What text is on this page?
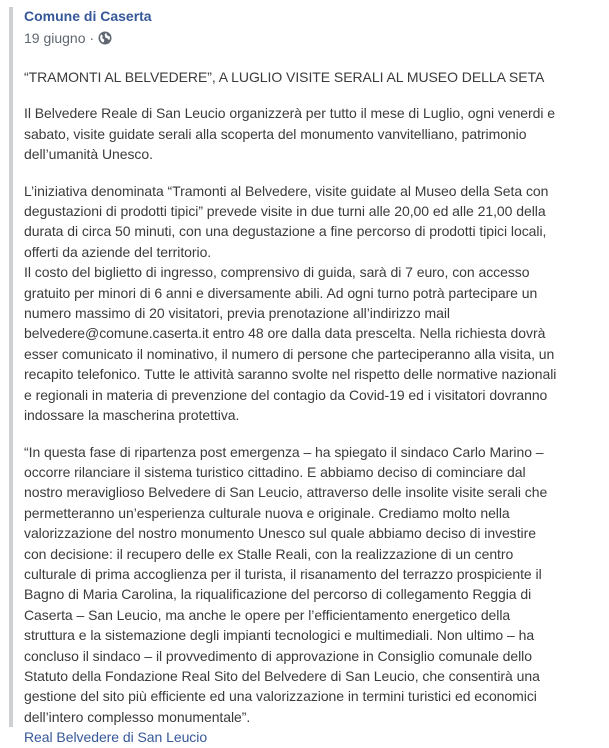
Comune di Caserta
19 giugno ·

“TRAMONTI AL BELVEDERE”, A LUGLIO VISITE SERALI AL MUSEO DELLA SETA

Il Belvedere Reale di San Leucio organizzerà per tutto il mese di Luglio, ogni venerdi e
sabato, visite guidate serali alla scoperta del monumento vanvitelliano, patrimonio
dell’umanità Unesco.

L’iniziativa denominata “Tramonti al Belvedere, visite guidate al Museo della Seta con
degustazioni di prodotti tipici” prevede visite in due turni alle 20,00 ed alle 21,00 della
durata di circa 50 minuti, con una degustazione a fine percorso di prodotti tipici locali,
offerti da aziende del territorio.
Il costo del biglietto di ingresso, comprensivo di guida, sarà di 7 euro, con accesso
gratuito per minori di 6 anni e diversamente abili. Ad ogni turno potrà partecipare un
numero massimo di 20 visitatori, previa prenotazione all’indirizzo mail
belvedere@comune.caserta.it entro 48 ore dalla data prescelta. Nella richiesta dovrà
esser comunicato il nominativo, il numero di persone che parteciperanno alla visita, un
recapito telefonico. Tutte le attività saranno svolte nel rispetto delle normative nazionali
e regionali in materia di prevenzione del contagio da Covid-19 ed i visitatori dovranno
indossare la mascherina protettiva.

“In questa fase di ripartenza post emergenza – ha spiegato il sindaco Carlo Marino –
occorre rilanciare il sistema turistico cittadino. E abbiamo deciso di cominciare dal
nostro meraviglioso Belvedere di San Leucio, attraverso delle insolite visite serali che
permetteranno un’esperienza culturale nuova e originale. Crediamo molto nella
valorizzazione del nostro monumento Unesco sul quale abbiamo deciso di investire
con decisione: il recupero delle ex Stalle Reali, con la realizzazione di un centro
culturale di prima accoglienza per il turista, il risanamento del terrazzo prospiciente il
Bagno di Maria Carolina, la riqualificazione del percorso di collegamento Reggia di
Caserta – San Leucio, ma anche le opere per l’efficientamento energetico della
struttura e la sistemazione degli impianti tecnologici e multimediali. Non ultimo – ha
concluso il sindaco – il provvedimento di approvazione in Consiglio comunale dello
Statuto della Fondazione Real Sito del Belvedere di San Leucio, che consentirà una
gestione del sito più efficiente ed una valorizzazione in termini turistici ed economici
dell’intero complesso monumentale”.

Real Belvedere di San Leucio
